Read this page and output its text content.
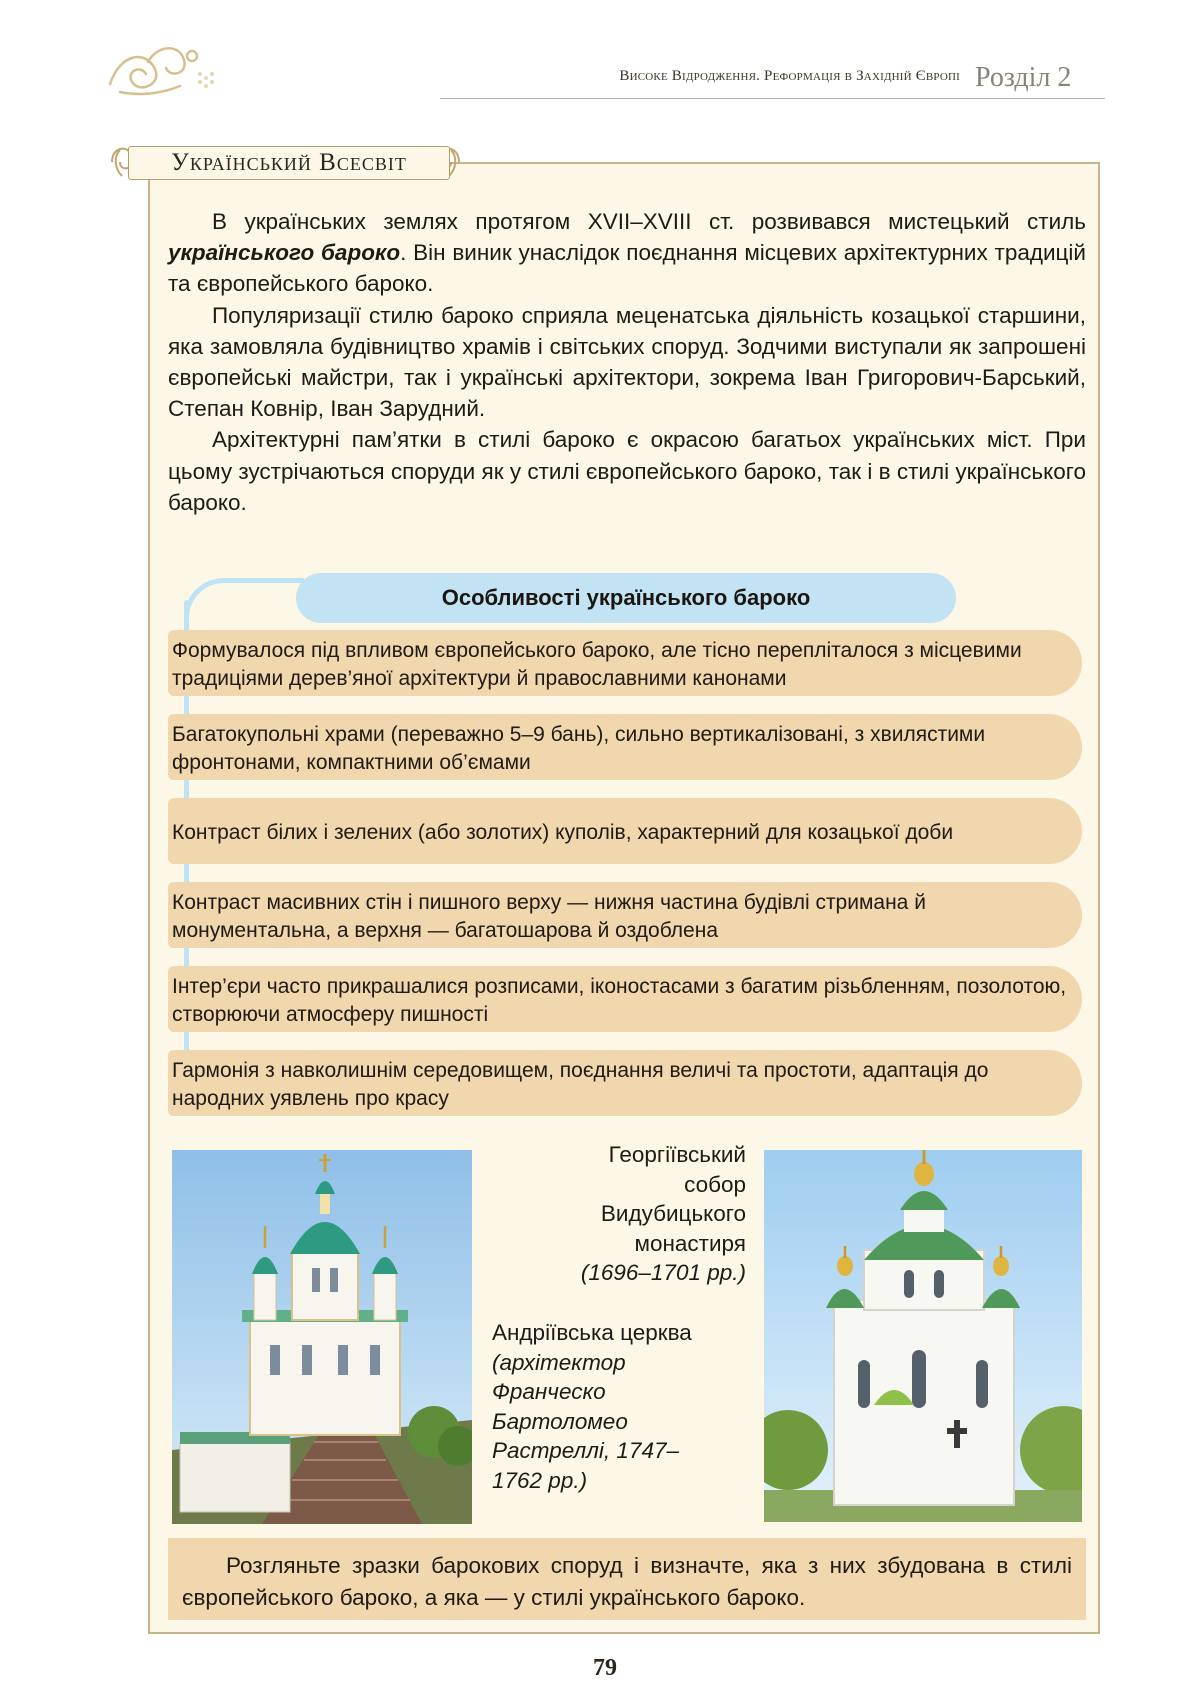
Високе Відродження. Реформація в Західній Європі Розділ 2
Український Всесвіт

В українських землях протягом XVII–XVIII ст. розвивався мистецький стиль українського бароко. Він виник унаслідок поєднання місцевих архітектурних традицій та європейського бароко.

Популяризації стилю бароко сприяла меценатська діяльність козацької старшини, яка замовляла будівництво храмів і світських споруд. Зодчими виступали як запрошені європейські майстри, так і українські архітектори, зокрема Іван Григорович-Барський, Степан Ковнір, Іван Зарудний.

Архітектурні пам’ятки в стилі бароко є окрасою багатьох українських міст. При цьому зустрічаються споруди як у стилі європейського бароко, так і в стилі українського бароко.

Особливості українського бароко
Формувалося під впливом європейського бароко, але тісно перепліталося з місцевими традиціями дерев’яної архітектури й православними канонами
Багатокупольні храми (переважно 5–9 бань), сильно вертикалізовані, з хвилястими фронтонами, компактними об’ємами
Контраст білих і зелених (або золотих) куполів, характерний для козацької доби
Контраст масивних стін і пишного верху — нижня частина будівлі стримана й монументальна, а верхня — багатошарова й оздоблена
Інтер’єри часто прикрашалися розписами, іконостасами з багатим різьбленням, позолотою, створюючи атмосферу пишності
Гармонія з навколишнім середовищем, поєднання величі та простоти, адаптація до народних уявлень про красу
Георгіївський собор Видубицького монастиря
(1696–1701 рр.)
Андріївська церква
(архітектор Франческо Бартоломео Растреллі, 1747–1762 рр.)
Розгляньте зразки барокових споруд і визначте, яка з них збудована в стилі європейського бароко, а яка — у стилі українського бароко.
79
